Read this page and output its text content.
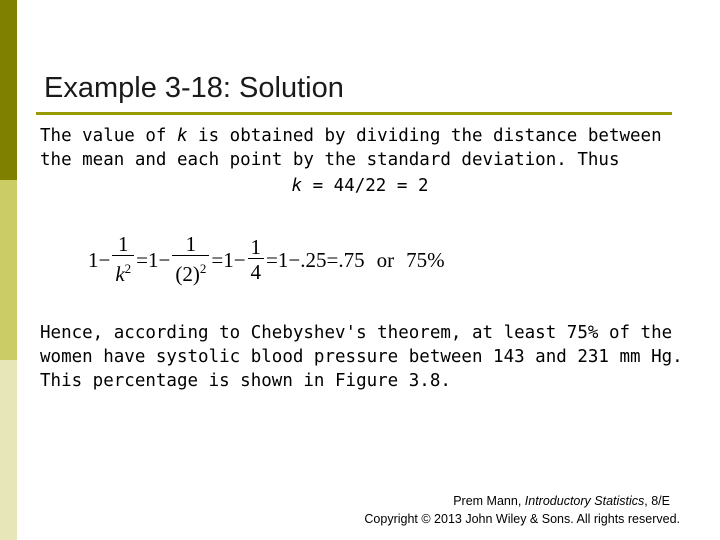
Example 3-18: Solution
The value of k is obtained by dividing the distance between the mean and each point by the standard deviation. Thus
k = 44/22 = 2
$1- \frac{1}{k^2} =1- \frac{1}{(2)^2} =1- \frac{1}{4} =1-.25=.75$ or 75%
Hence, according to Chebyshev's theorem, at least 75% of the women have systolic blood pressure between 143 and 231 mm Hg. This percentage is shown in Figure 3.8.
Prem Mann, Introductory Statistics, 8/E
Copyright © 2013 John Wiley & Sons. All rights reserved.
